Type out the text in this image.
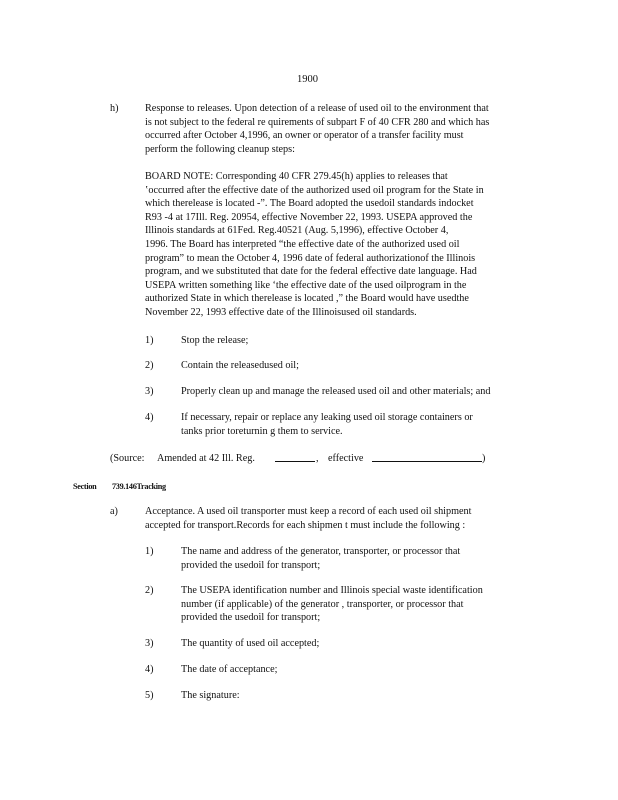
1900
h)	Response to releases. Upon detection of a release of used oil to the environment that
is not subject to the federal re quirements of subpart F of 40 CFR 280 and which has
occurred after October 4,1996, an owner or operator of a transfer facility must
perform the following cleanup steps:
BOARD NOTE: Corresponding 40 CFR 279.45(h) applies to releases that
‛occurred after the effective date of the authorized used oil program for the State in
which therelease is located -”. The Board adopted the usedoil standards indocket
R93 -4 at 17Ill. Reg. 20954, effective November 22, 1993. USEPA approved the
Illinois standards at 61Fed. Reg.40521 (Aug. 5,1996), effective October 4,
1996. The Board has interpreted “the effective date of the authorized used oil
program” to mean the October 4, 1996 date of federal authorizationof the Illinois
program, and we substituted that date for the federal effective date language. Had
USEPA written something like ‘the effective date of the used oilprogram in the
authorized State in which therelease is located ,” the Board would have usedthe
November 22, 1993 effective date of the Illinoisused oil standards.
1)	Stop the release;
2)	Contain the releasedused oil;
3)	Properly clean up and manage the released used oil and other materials; and
4)	If necessary, repair or replace any leaking used oil storage containers or
tanks prior toreturnin g them to service.
(Source: Amended at 42 Ill. Reg.	, effective	)
Section 739.146Tracking
a)	Acceptance. A used oil transporter must keep a record of each used oil shipment
accepted for transport.Records for each shipmen t must include the following :
1)	The name and address of the generator, transporter, or processor that
provided the usedoil for transport;
2)	The USEPA identification number and Illinois special waste identification
number (if applicable) of the generator , transporter, or processor that
provided the usedoil for transport;
3)	The quantity of used oil accepted;
4)	The date of acceptance;
5)	The signature:
